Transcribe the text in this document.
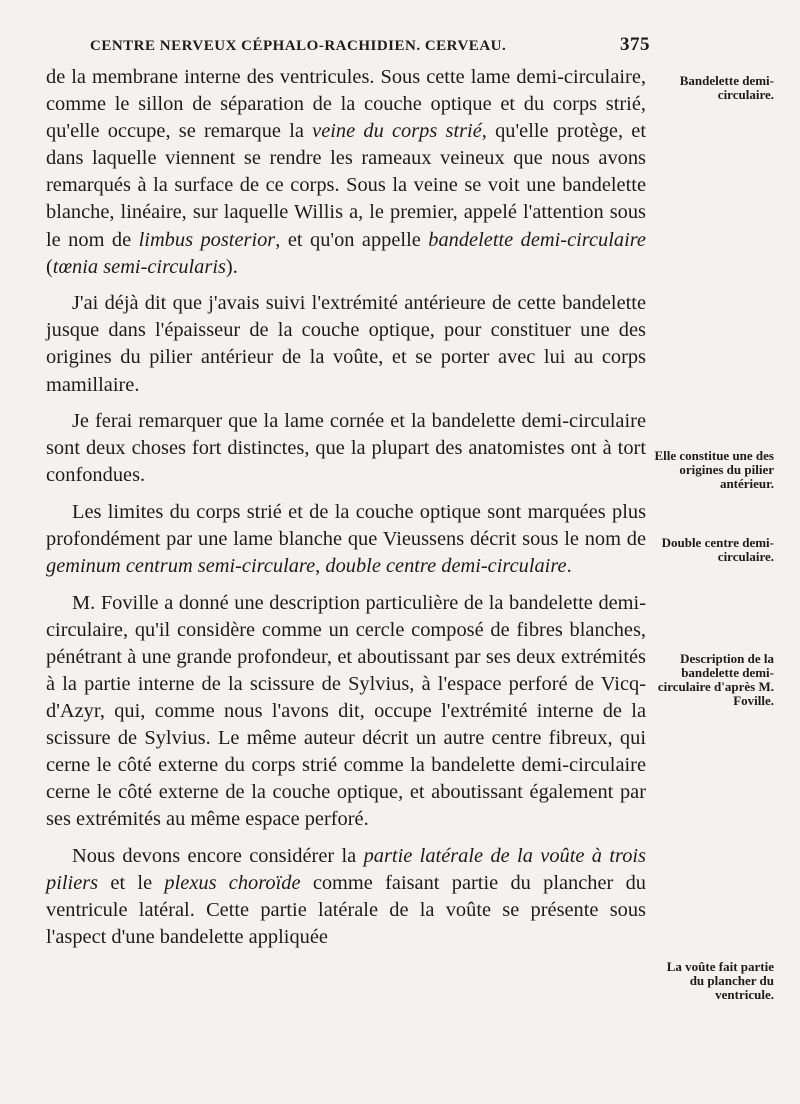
CENTRE NERVEUX CÉPHALO-RACHIDIEN. CERVEAU.	375

de la membrane interne des ventricules. Sous cette lame demi-circulaire, comme le sillon de séparation de la couche optique et du corps strié, qu'elle occupe, se remarque la veine du corps strié, qu'elle protège, et dans laquelle viennent se rendre les rameaux veineux que nous avons remarqués à la surface de ce corps. Sous la veine se voit une bandelette blanche, linéaire, sur laquelle Willis a, le premier, appelé l'attention sous le nom de limbus posterior, et qu'on appelle bandelette demi-circulaire (tœnia semi-circularis).

J'ai déjà dit que j'avais suivi l'extrémité antérieure de cette bandelette jusque dans l'épaisseur de la couche optique, pour constituer une des origines du pilier antérieur de la voûte, et se porter avec lui au corps mamillaire.

Je ferai remarquer que la lame cornée et la bandelette demi-circulaire sont deux choses fort distinctes, que la plupart des anatomistes ont à tort confondues.

Les limites du corps strié et de la couche optique sont marquées plus profondément par une lame blanche que Vieussens décrit sous le nom de geminum centrum semi-circulare, double centre demi-circulaire.

M. Foville a donné une description particulière de la bandelette demi-circulaire, qu'il considère comme un cercle composé de fibres blanches, pénétrant à une grande profondeur, et aboutissant par ses deux extrémités à la partie interne de la scissure de Sylvius, à l'espace perforé de Vicq-d'Azyr, qui, comme nous l'avons dit, occupe l'extrémité interne de la scissure de Sylvius. Le même auteur décrit un autre centre fibreux, qui cerne le côté externe du corps strié comme la bandelette demi-circulaire cerne le côté externe de la couche optique, et aboutissant également par ses extrémités au même espace perforé.

Nous devons encore considérer la partie latérale de la voûte à trois piliers et le plexus choroïde comme faisant partie du plancher du ventricule latéral. Cette partie latérale de la voûte se présente sous l'aspect d'une bandelette appliquée

Bandelette demi-circulaire.
Elle constitue une des origines du pilier antérieur.
Double centre demi-circulaire.
Description de la bandelette demi-circulaire d'après M. Foville.
La voûte fait partie du plancher du ventricule.
